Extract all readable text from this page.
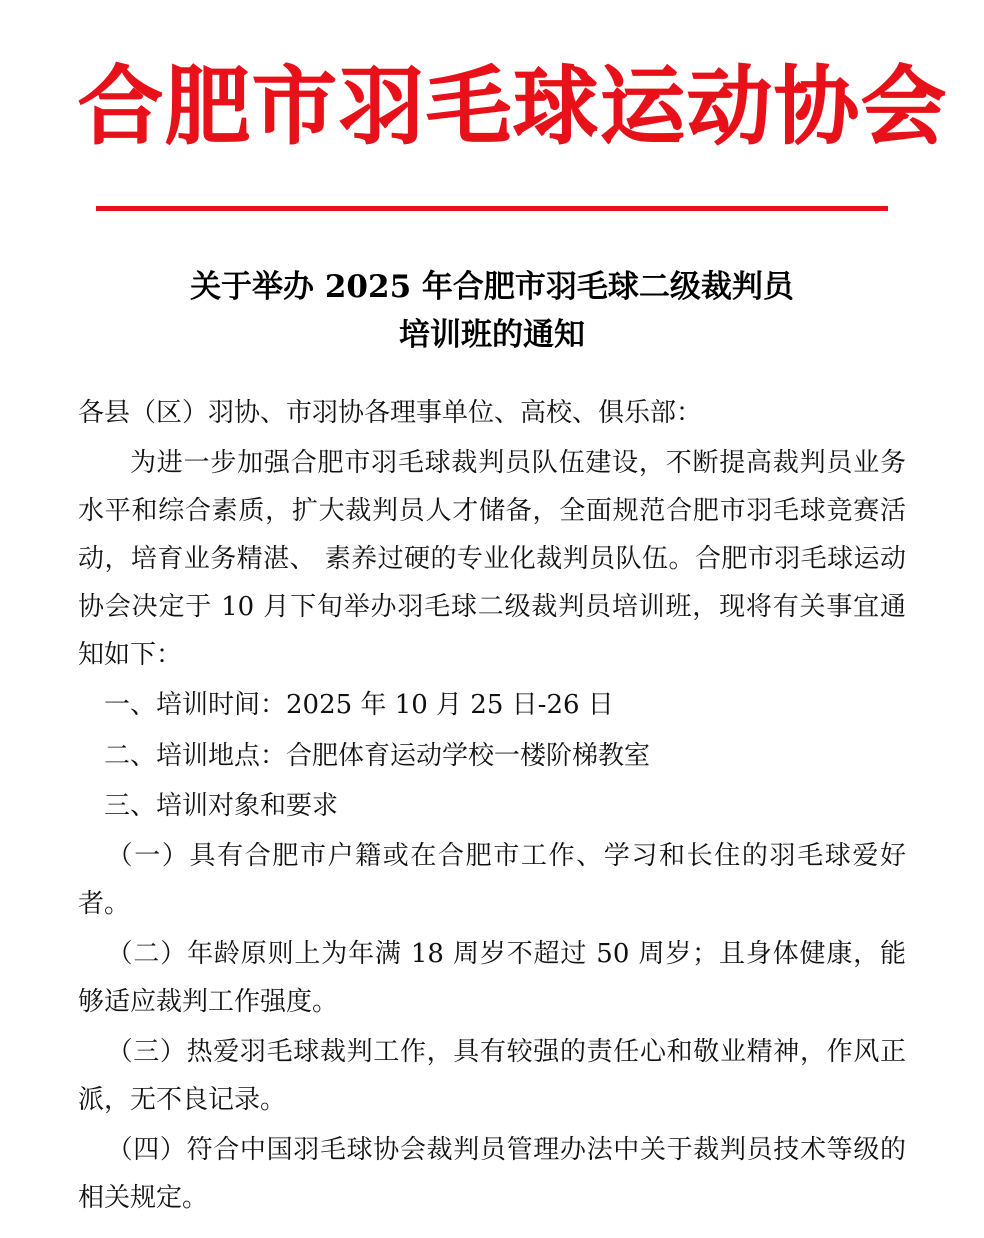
合肥市羽毛球运动协会
关于举办 2025 年合肥市羽毛球二级裁判员
培训班的通知

各县（区）羽协、市羽协各理事单位、高校、俱乐部：

为进一步加强合肥市羽毛球裁判员队伍建设，不断提高裁判员业务水平和综合素质，扩大裁判员人才储备，全面规范合肥市羽毛球竞赛活动，培育业务精湛、 素养过硬的专业化裁判员队伍。合肥市羽毛球运动协会决定于 10 月下旬举办羽毛球二级裁判员培训班，现将有关事宜通知如下：

一、培训时间：2025 年 10 月 25 日-26 日

二、培训地点：合肥体育运动学校一楼阶梯教室

三、培训对象和要求

（一）具有合肥市户籍或在合肥市工作、学习和长住的羽毛球爱好者。

（二）年龄原则上为年满 18 周岁不超过 50 周岁；且身体健康，能够适应裁判工作强度。

（三）热爱羽毛球裁判工作，具有较强的责任心和敬业精神，作风正派，无不良记录。

（四）符合中国羽毛球协会裁判员管理办法中关于裁判员技术等级的相关规定。
